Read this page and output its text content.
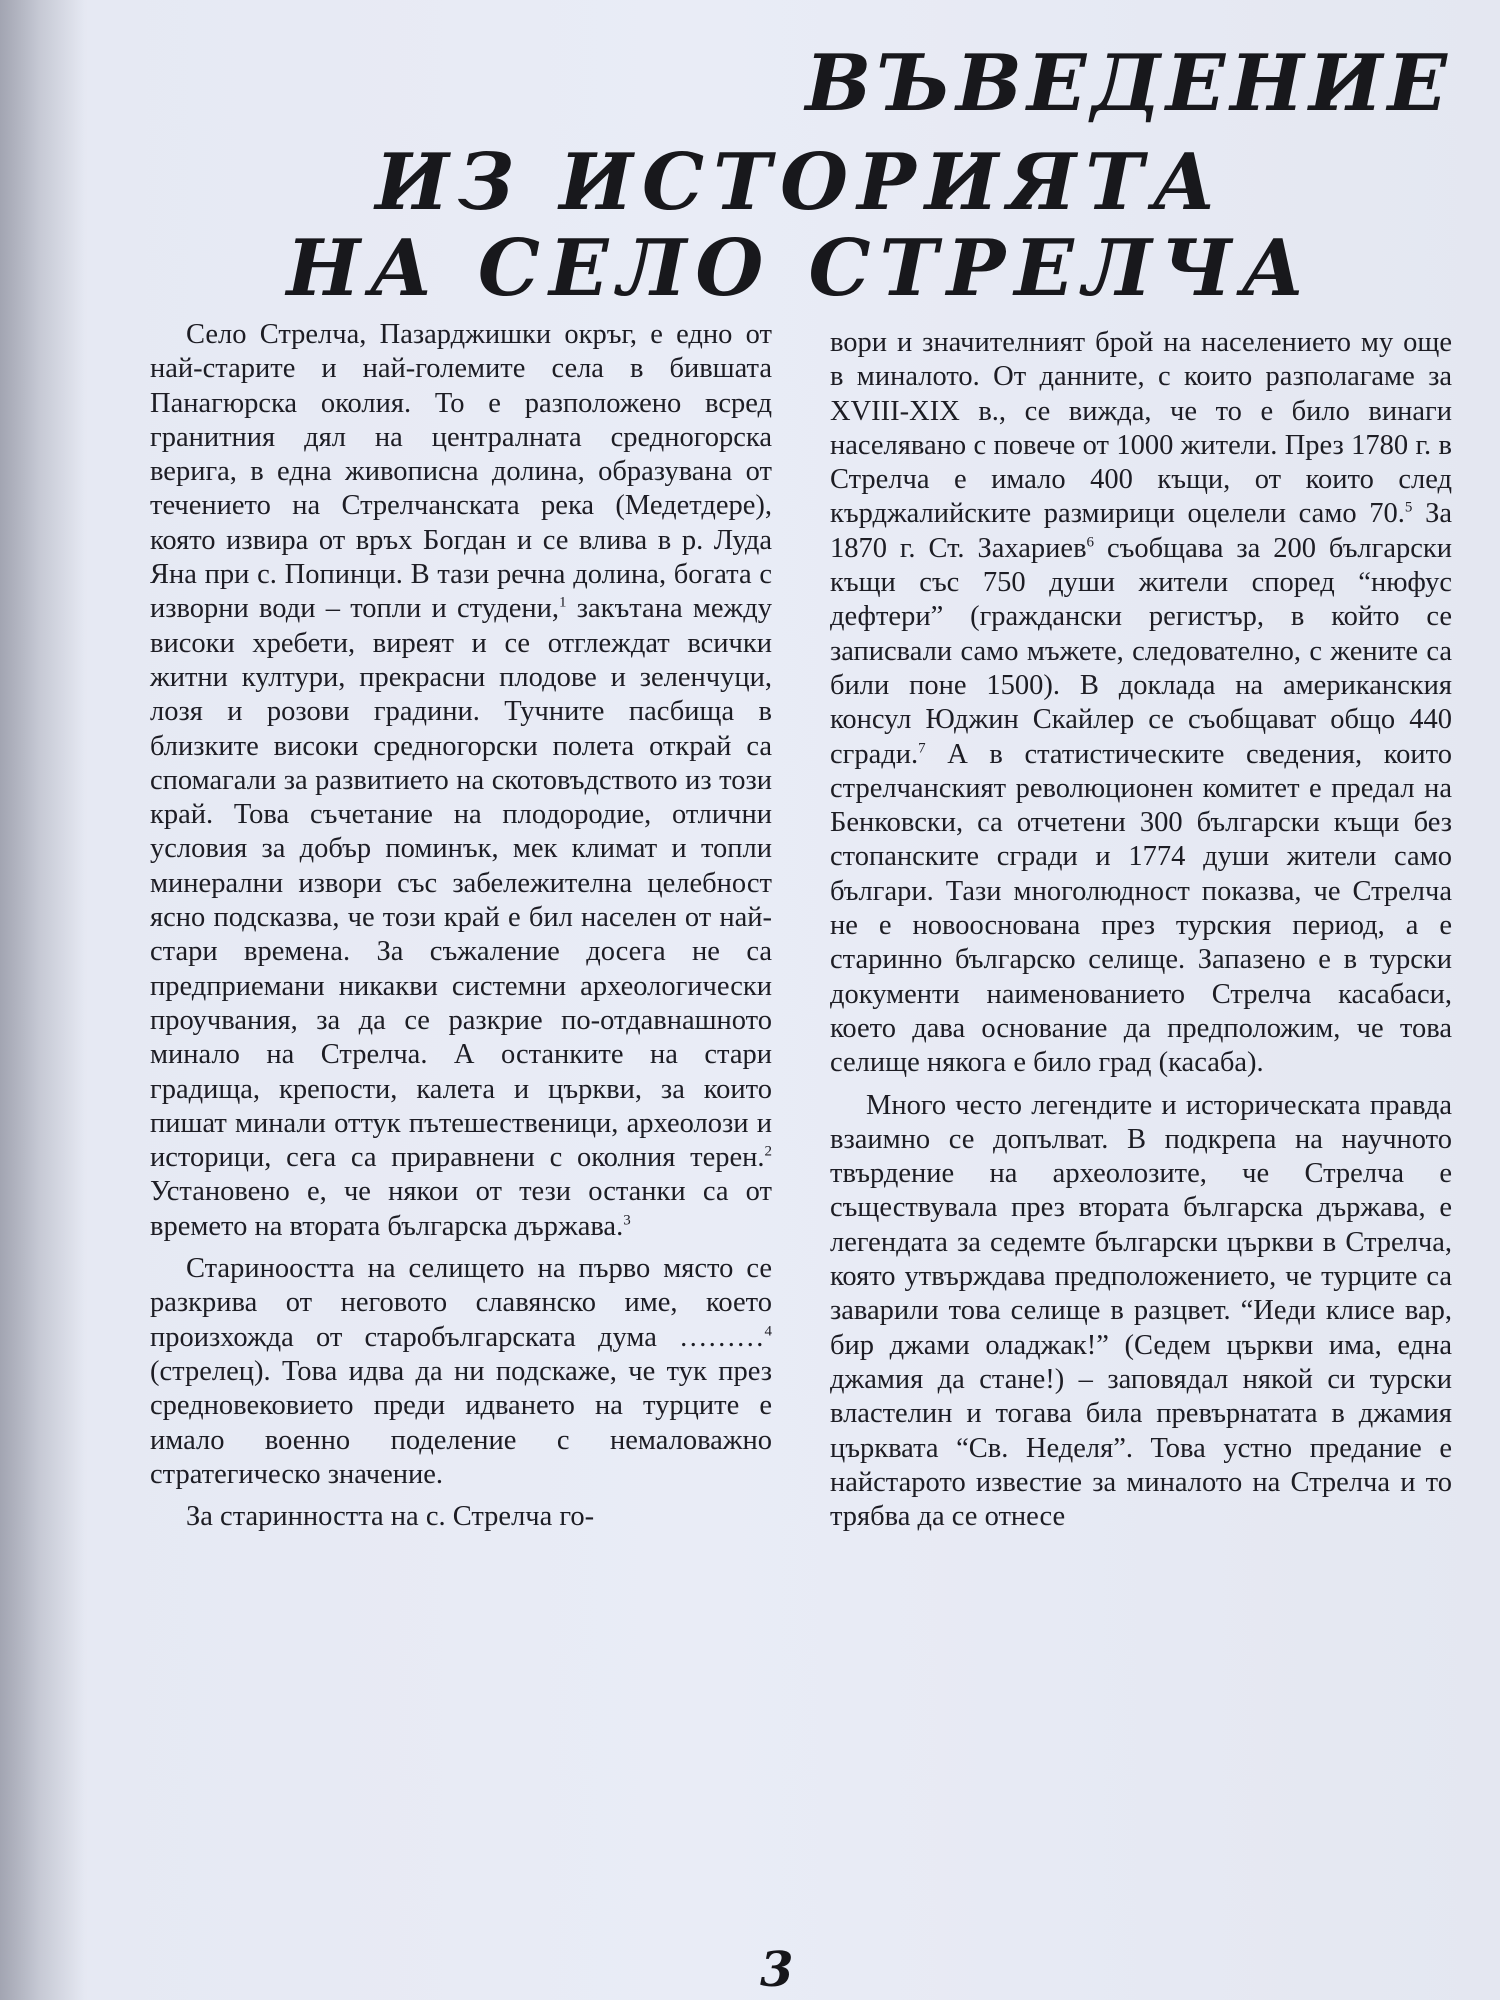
ВЪВЕДЕНИЕ
ИЗ ИСТОРИЯТА
НА СЕЛО СТРЕЛЧА

Село Стрелча, Пазарджишки окръг, е едно от най-старите и най-големите села в бившата Панагюрска околия. То е разположено всред гранитния дял на централната средногорска верига, в една живописна долина, образувана от течението на Стрелчанската река (Медетдере), която извира от връх Богдан и се влива в р. Луда Яна при с. Попинци. В тази речна долина, богата с изворни води – топли и студени,$^1$ закътана между високи хребети, вирeят и се отглеждат всички житни култури, прекрасни плодове и зеленчуци, лозя и розови градини. Тучните пасбища в близките високи средногорски полета открай са спомагали за развитието на скотовъдството из този край. Това съчетание на плодородие, отлични условия за добър поминък, мек климат и топли минерални извори със забележителна целебност ясно подсказва, че този край е бил населен от най-стари времена. За съжаление досега не са предприемани никакви системни археологически проучвания, за да се разкрие по-отдавнашното минало на Стрелча. А останките на стари градища, крепости, калета и църкви, за които пишат минали оттук пътешественици, археолози и историци, сега са приравнени с околния терен.$^2$ Установено е, че някои от тези останки са от времето на втората българска държава.$^3$

Стариноостта на селището на първо място се разкрива от неговото славянско име, което произхожда от старобългарската дума ………$^4$ (стрелец). Това идва да ни подскаже, че тук през средновековието преди идването на турците е имало военно поделение с немаловажно стратегическо значение.

За старинността на с. Стрелча го-

вори и значителният брой на населението му още в миналото. От данните, с които разполагаме за XVIII-XIX в., се вижда, че то е било винаги населявано с повече от 1000 жители. През 1780 г. в Стрелча е имало 400 къщи, от които след кърджалийските размирици оцелели само 70.$^5$ За 1870 г. Ст. Захариев$^6$ съобщава за 200 български къщи със 750 души жители според “нюфус дефтери” (граждански регистър, в който се записвали само мъжете, следователно, с жените са били поне 1500). В доклада на американския консул Юджин Скайлер се съобщават общо 440 сгради.$^7$ А в статистическите сведения, които стрелчанският революционен комитет е предал на Бенковски, са отчетени 300 български къщи без стопанските сгради и 1774 души жители само българи. Тази многолюдност показва, че Стрелча не е новооснована през турския период, а е старинно българско селище. Запазено е в турски документи наименованието Стрелча касабаси, което дава основание да предположим, че това селище някога е било град (касаба).

Много често легендите и историческата правда взаимно се допълват. В подкрепа на научното твърдение на археолозите, че Стрелча е съществувала през втората българска държава, е легендата за седемте български църкви в Стрелча, която утвърждава предположението, че турците са заварили това селище в разцвет. “Иеди клисе вар, бир джами оладжак!” (Седем църкви има, една джамия да стане!) – заповядал някой си турски властелин и тогава била превърнатата в джамия църквата “Св. Неделя”. Това устно предание е найстарото известие за миналото на Стрелча и то трябва да се отнесе

3
